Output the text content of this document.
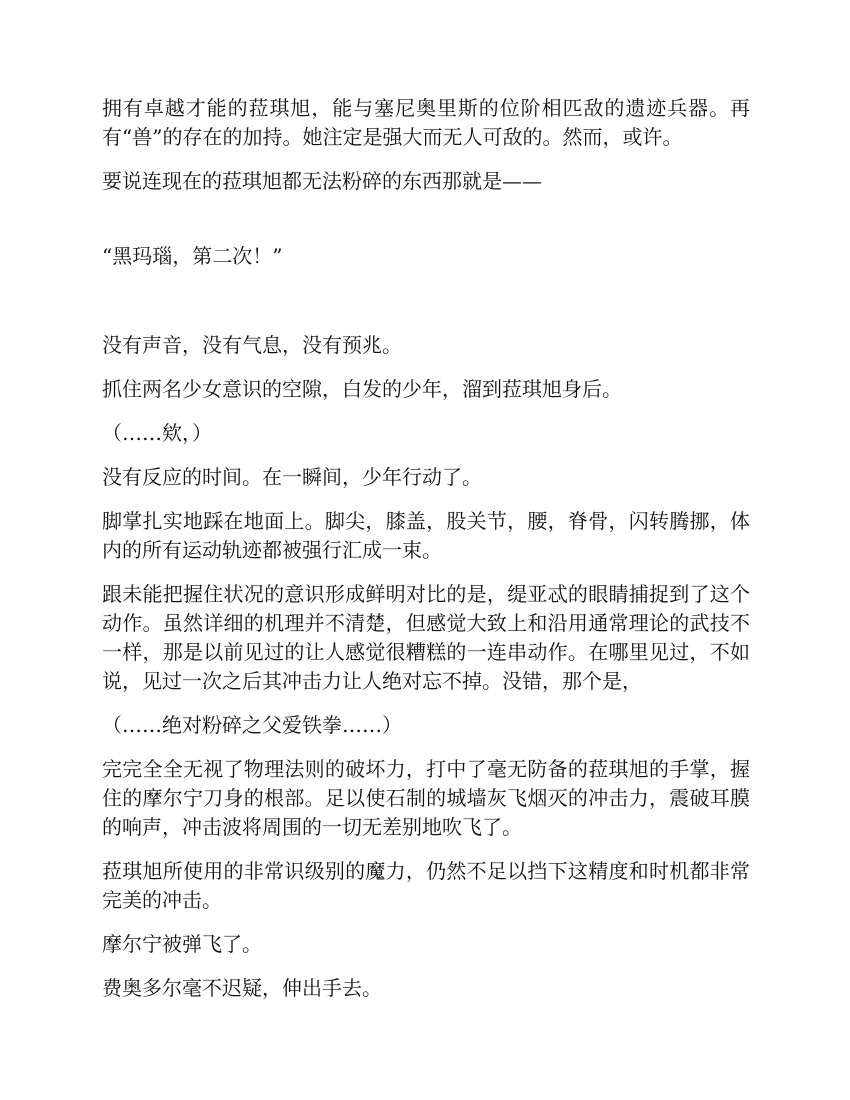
拥有卓越才能的菈琪旭，能与塞尼奥里斯的位阶相匹敌的遗迹兵器。再有“兽”的存在的加持。她注定是强大而无人可敌的。然而，或许。

要说连现在的菈琪旭都无法粉碎的东西那就是——

“黑玛瑙，第二次！”

没有声音，没有气息，没有预兆。

抓住两名少女意识的空隙，白发的少年，溜到菈琪旭身后。

（……欸，）

没有反应的时间。在一瞬间，少年行动了。

脚掌扎实地踩在地面上。脚尖，膝盖，股关节，腰，脊骨，闪转腾挪，体内的所有运动轨迹都被强行汇成一束。

跟未能把握住状况的意识形成鲜明对比的是，缇亚忒的眼睛捕捉到了这个动作。虽然详细的机理并不清楚，但感觉大致上和沿用通常理论的武技不一样，那是以前见过的让人感觉很糟糕的一连串动作。在哪里见过，不如说，见过一次之后其冲击力让人绝对忘不掉。没错，那个是，

（……绝对粉碎之父爱铁拳……）

完完全全无视了物理法则的破坏力，打中了毫无防备的菈琪旭的手掌，握住的摩尔宁刀身的根部。足以使石制的城墙灰飞烟灭的冲击力，震破耳膜的响声，冲击波将周围的一切无差别地吹飞了。

菈琪旭所使用的非常识级别的魔力，仍然不足以挡下这精度和时机都非常完美的冲击。

摩尔宁被弹飞了。

费奥多尔毫不迟疑，伸出手去。
